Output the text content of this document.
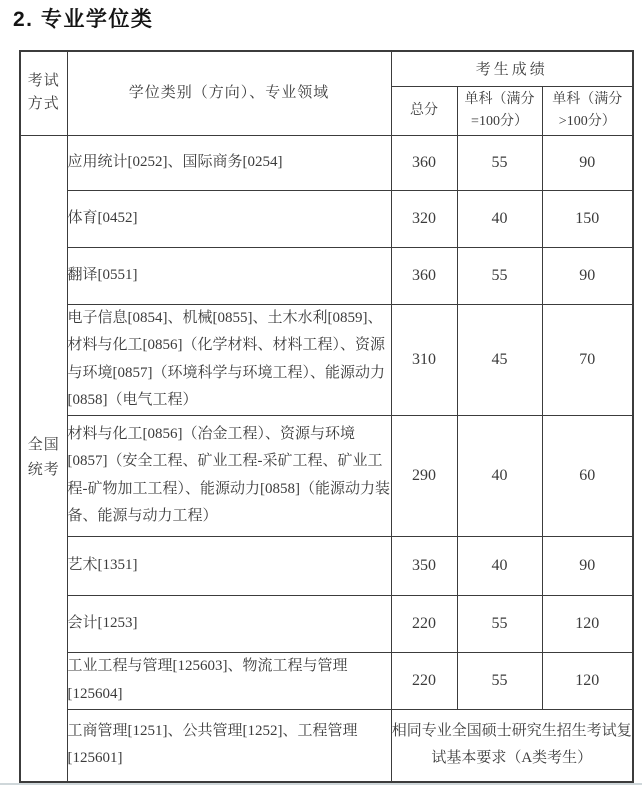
2. 专业学位类
考试方式	学位类别（方向）、专业领域	考生成绩		
		总分	单科（满分=100分）	单科（满分>100分）
全国统考	应用统计[0252]、国际商务[0254]	360	55	90
	体育[0452]	320	40	150
	翻译[0551]	360	55	90
	电子信息[0854]、机械[0855]、土木水利[0859]、材料与化工[0856]（化学材料、材料工程）、资源与环境[0857]（环境科学与环境工程）、能源动力[0858]（电气工程）	310	45	70
	材料与化工[0856]（冶金工程）、资源与环境[0857]（安全工程、矿业工程-采矿工程、矿业工程-矿物加工工程）、能源动力[0858]（能源动力装备、能源与动力工程）	290	40	60
	艺术[1351]	350	40	90
	会计[1253]	220	55	120
	工业工程与管理[125603]、物流工程与管理[125604]	220	55	120
	工商管理[1251]、公共管理[1252]、工程管理[125601]	相同专业全国硕士研究生招生考试复试基本要求（A类考生）		
